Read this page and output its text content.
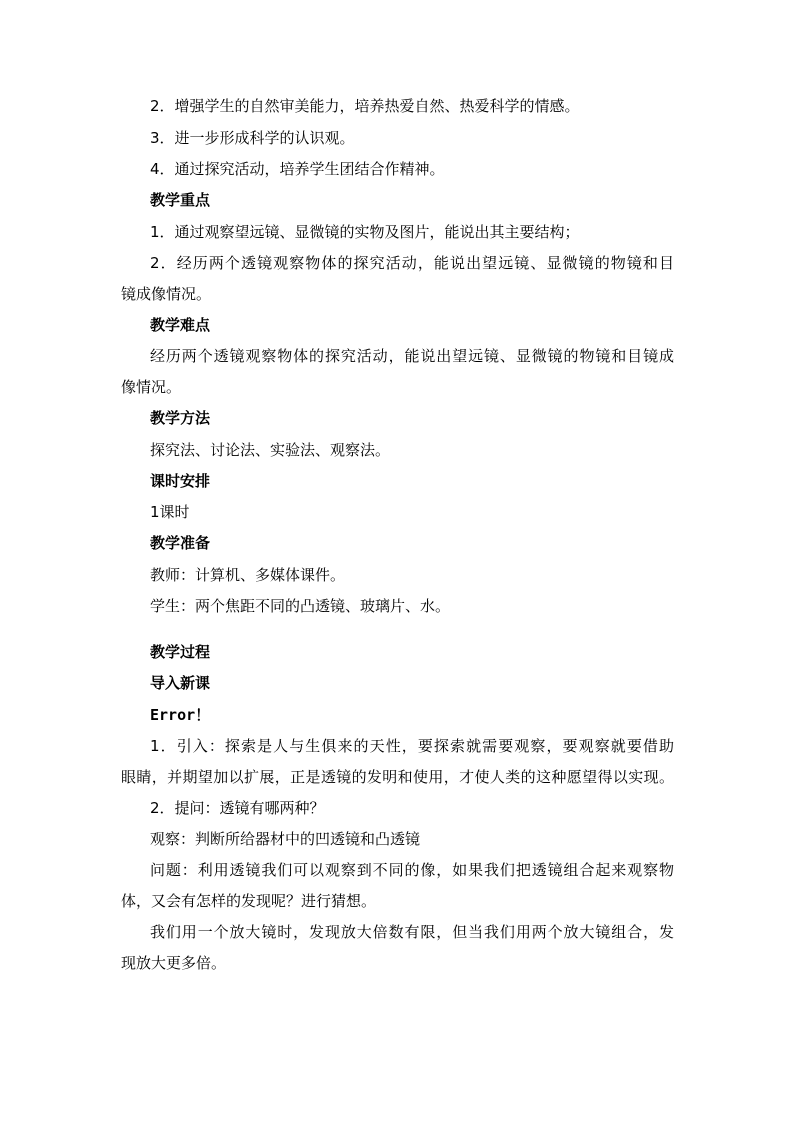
2．增强学生的自然审美能力，培养热爱自然、热爱科学的情感。
3．进一步形成科学的认识观。
4．通过探究活动，培养学生团结合作精神。
教学重点
1．通过观察望远镜、显微镜的实物及图片，能说出其主要结构；
2．经历两个透镜观察物体的探究活动，能说出望远镜、显微镜的物镜和目
镜成像情况。
教学难点
经历两个透镜观察物体的探究活动，能说出望远镜、显微镜的物镜和目镜成
像情况。
教学方法
探究法、讨论法、实验法、观察法。
课时安排
1课时
教学准备
教师：计算机、多媒体课件。
学生：两个焦距不同的凸透镜、玻璃片、水。
教学过程
导入新课
Error！
1．引入：探索是人与生俱来的天性，要探索就需要观察，要观察就要借助
眼睛，并期望加以扩展，正是透镜的发明和使用，才使人类的这种愿望得以实现。
2．提问：透镜有哪两种？
观察：判断所给器材中的凹透镜和凸透镜
问题：利用透镜我们可以观察到不同的像，如果我们把透镜组合起来观察物
体，又会有怎样的发现呢？进行猜想。
我们用一个放大镜时，发现放大倍数有限，但当我们用两个放大镜组合，发
现放大更多倍。
